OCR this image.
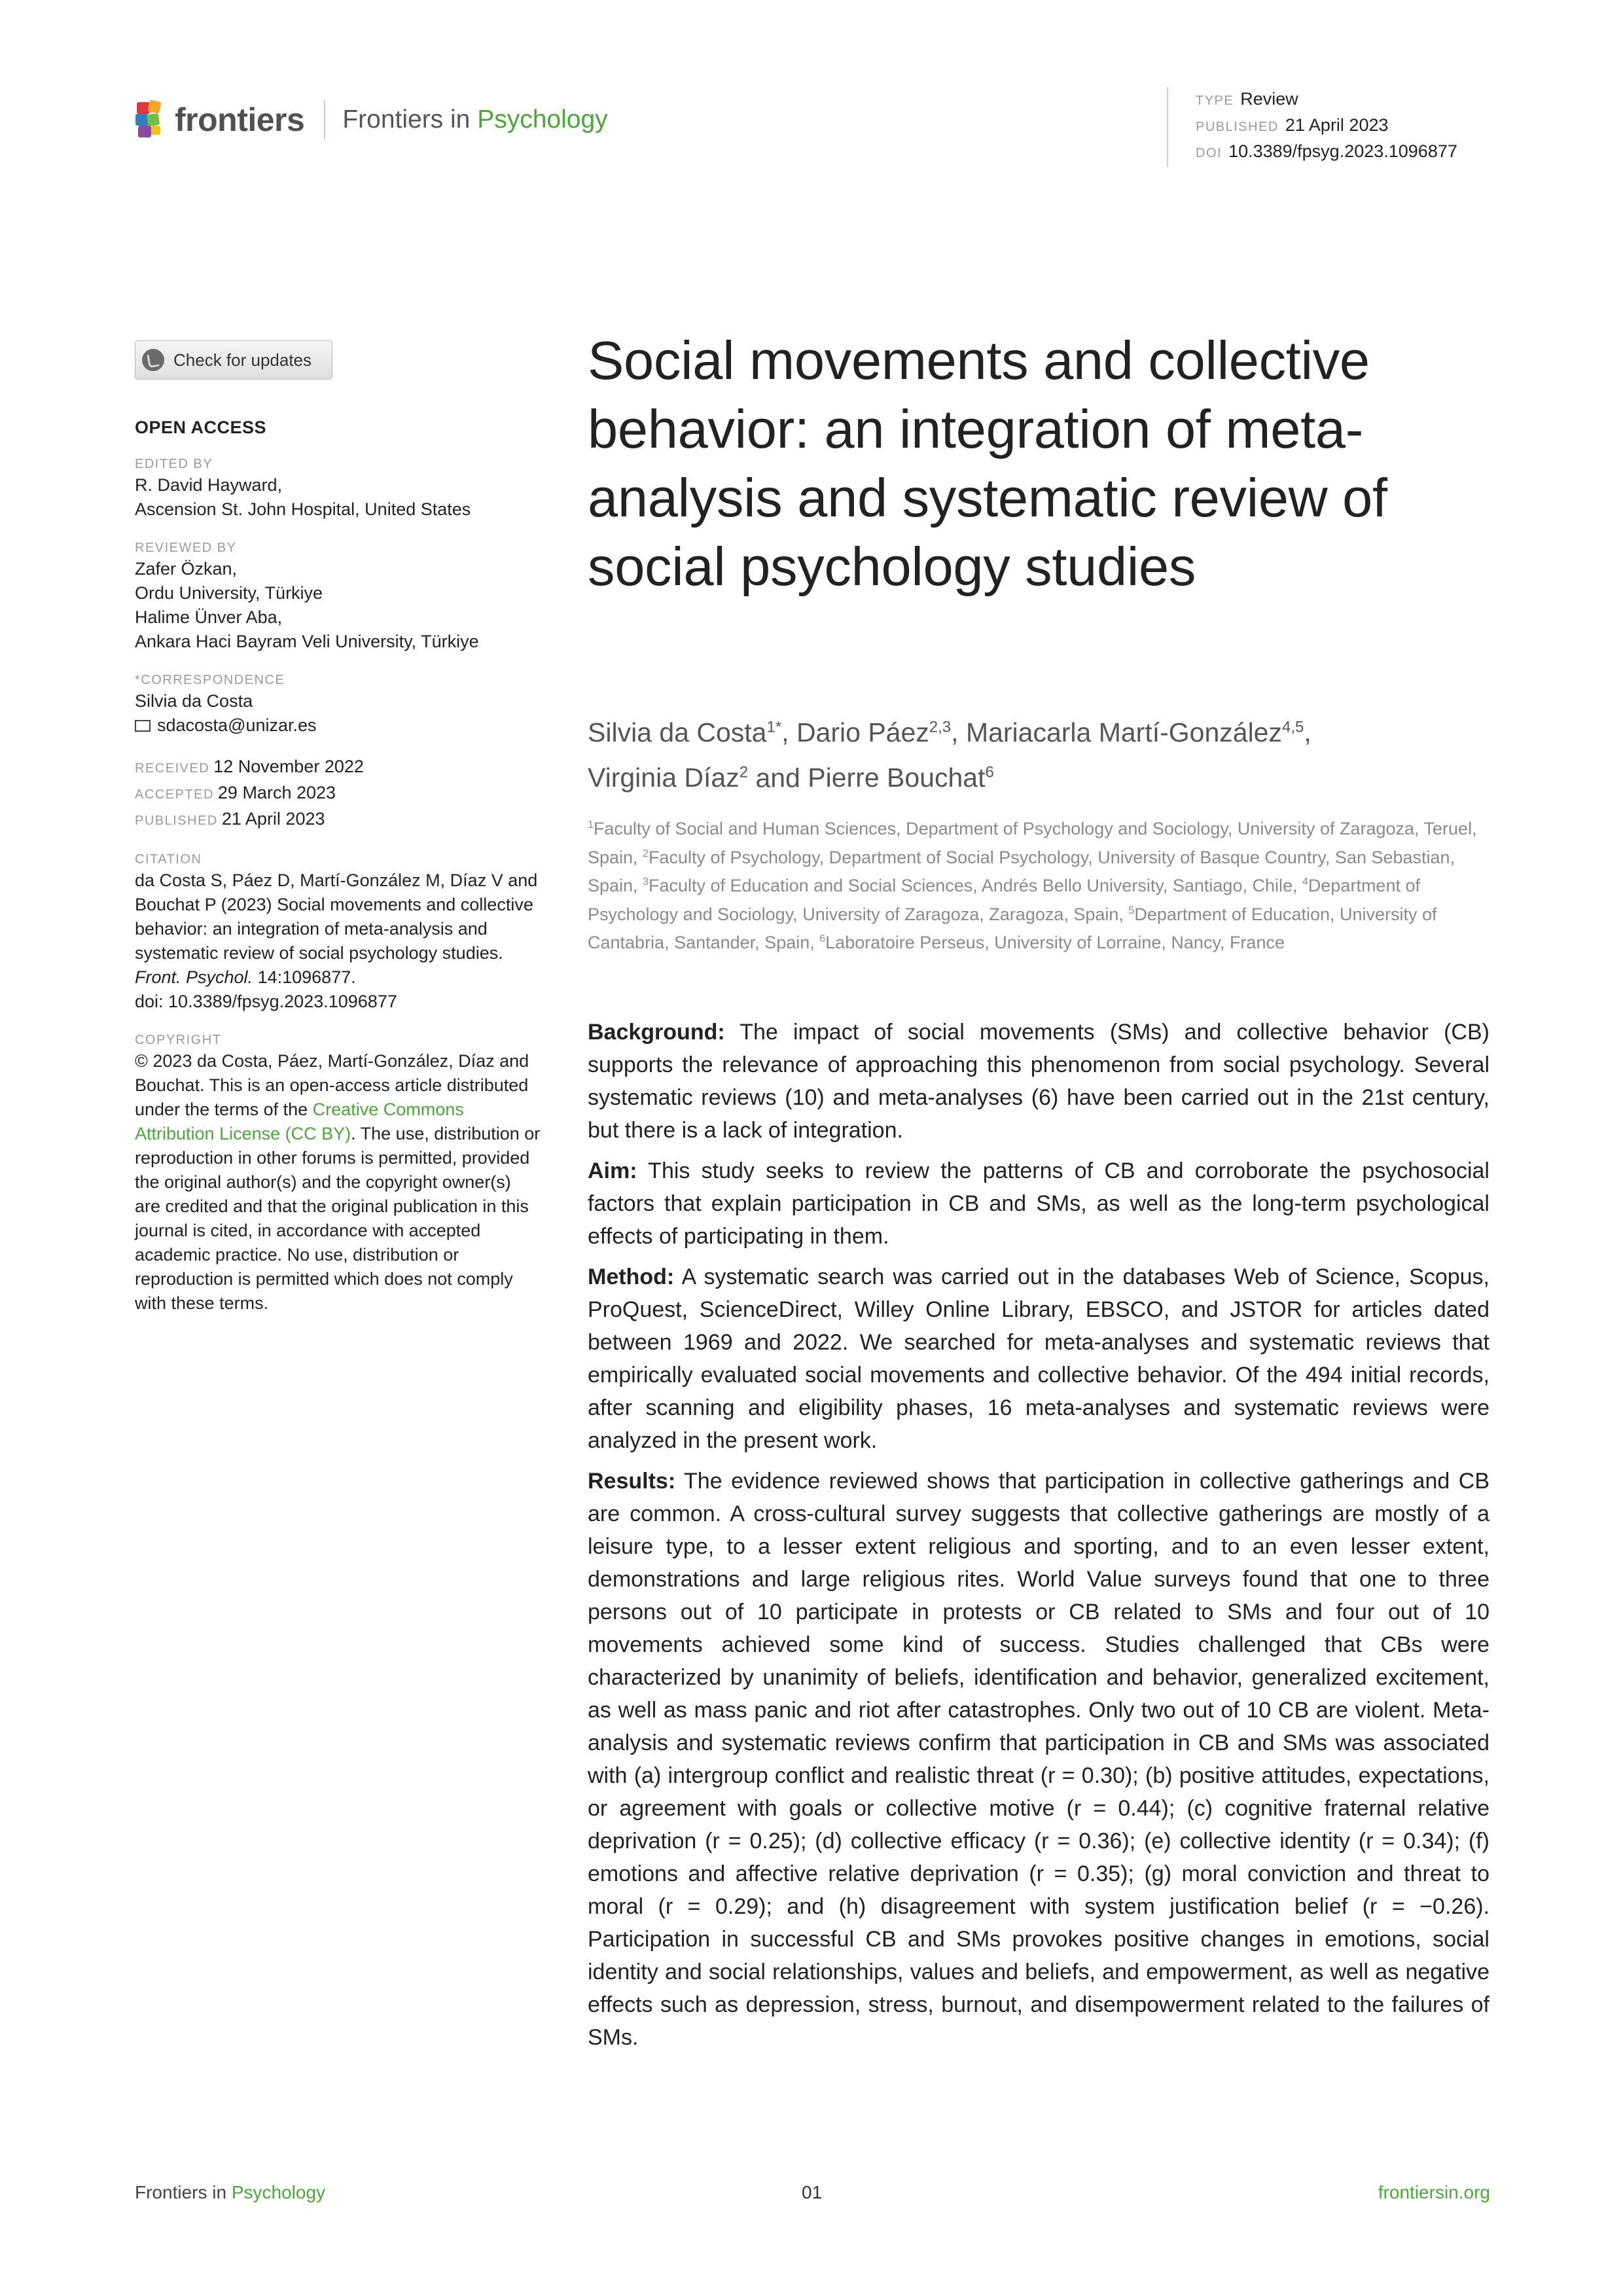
frontiers Frontiers in Psychology
TYPE Review
PUBLISHED 21 April 2023
DOI 10.3389/fpsyg.2023.1096877
Check for updates
OPEN ACCESS
EDITED BY
R. David Hayward,
Ascension St. John Hospital, United States
REVIEWED BY
Zafer Özkan,
Ordu University, Türkiye
Halime Ünver Aba,
Ankara Haci Bayram Veli University, Türkiye
*CORRESPONDENCE
Silvia da Costa
sdacosta@unizar.es
RECEIVED 12 November 2022
ACCEPTED 29 March 2023
PUBLISHED 21 April 2023
CITATION
da Costa S, Páez D, Martí-González M, Díaz V and Bouchat P (2023) Social movements and collective behavior: an integration of meta-analysis and systematic review of social psychology studies.
Front. Psychol. 14:1096877.
doi: 10.3389/fpsyg.2023.1096877
COPYRIGHT
© 2023 da Costa, Páez, Martí-González, Díaz and Bouchat. This is an open-access article distributed under the terms of the Creative Commons Attribution License (CC BY). The use, distribution or reproduction in other forums is permitted, provided the original author(s) and the copyright owner(s) are credited and that the original publication in this journal is cited, in accordance with accepted academic practice. No use, distribution or reproduction is permitted which does not comply with these terms.
Social movements and collective behavior: an integration of meta-analysis and systematic review of social psychology studies
Silvia da Costa$^{1*}$, Dario Páez$^{2,3}$, Mariacarla Martí-González$^{4,5}$,
Virginia Díaz$^2$ and Pierre Bouchat$^6$
$^1$Faculty of Social and Human Sciences, Department of Psychology and Sociology, University of Zaragoza, Teruel, Spain, $^2$Faculty of Psychology, Department of Social Psychology, University of Basque Country, San Sebastian, Spain, $^3$Faculty of Education and Social Sciences, Andrés Bello University, Santiago, Chile, $^4$Department of Psychology and Sociology, University of Zaragoza, Zaragoza, Spain, $^5$Department of Education, University of Cantabria, Santander, Spain, $^6$Laboratoire Perseus, University of Lorraine, Nancy, France

Background: The impact of social movements (SMs) and collective behavior (CB) supports the relevance of approaching this phenomenon from social psychology. Several systematic reviews (10) and meta-analyses (6) have been carried out in the 21st century, but there is a lack of integration.

Aim: This study seeks to review the patterns of CB and corroborate the psychosocial factors that explain participation in CB and SMs, as well as the long-term psychological effects of participating in them.

Method: A systematic search was carried out in the databases Web of Science, Scopus, ProQuest, ScienceDirect, Willey Online Library, EBSCO, and JSTOR for articles dated between 1969 and 2022. We searched for meta-analyses and systematic reviews that empirically evaluated social movements and collective behavior. Of the 494 initial records, after scanning and eligibility phases, 16 meta-analyses and systematic reviews were analyzed in the present work.

Results: The evidence reviewed shows that participation in collective gatherings and CB are common. A cross-cultural survey suggests that collective gatherings are mostly of a leisure type, to a lesser extent religious and sporting, and to an even lesser extent, demonstrations and large religious rites. World Value surveys found that one to three persons out of 10 participate in protests or CB related to SMs and four out of 10 movements achieved some kind of success. Studies challenged that CBs were characterized by unanimity of beliefs, identification and behavior, generalized excitement, as well as mass panic and riot after catastrophes. Only two out of 10 CB are violent. Meta-analysis and systematic reviews confirm that participation in CB and SMs was associated with (a) intergroup conflict and realistic threat (r = 0.30); (b) positive attitudes, expectations, or agreement with goals or collective motive (r = 0.44); (c) cognitive fraternal relative deprivation (r = 0.25); (d) collective efficacy (r = 0.36); (e) collective identity (r = 0.34); (f) emotions and affective relative deprivation (r = 0.35); (g) moral conviction and threat to moral (r = 0.29); and (h) disagreement with system justification belief (r = −0.26). Participation in successful CB and SMs provokes positive changes in emotions, social identity and social relationships, values and beliefs, and empowerment, as well as negative effects such as depression, stress, burnout, and disempowerment related to the failures of SMs.

Frontiers in Psychology	01	frontiersin.org
